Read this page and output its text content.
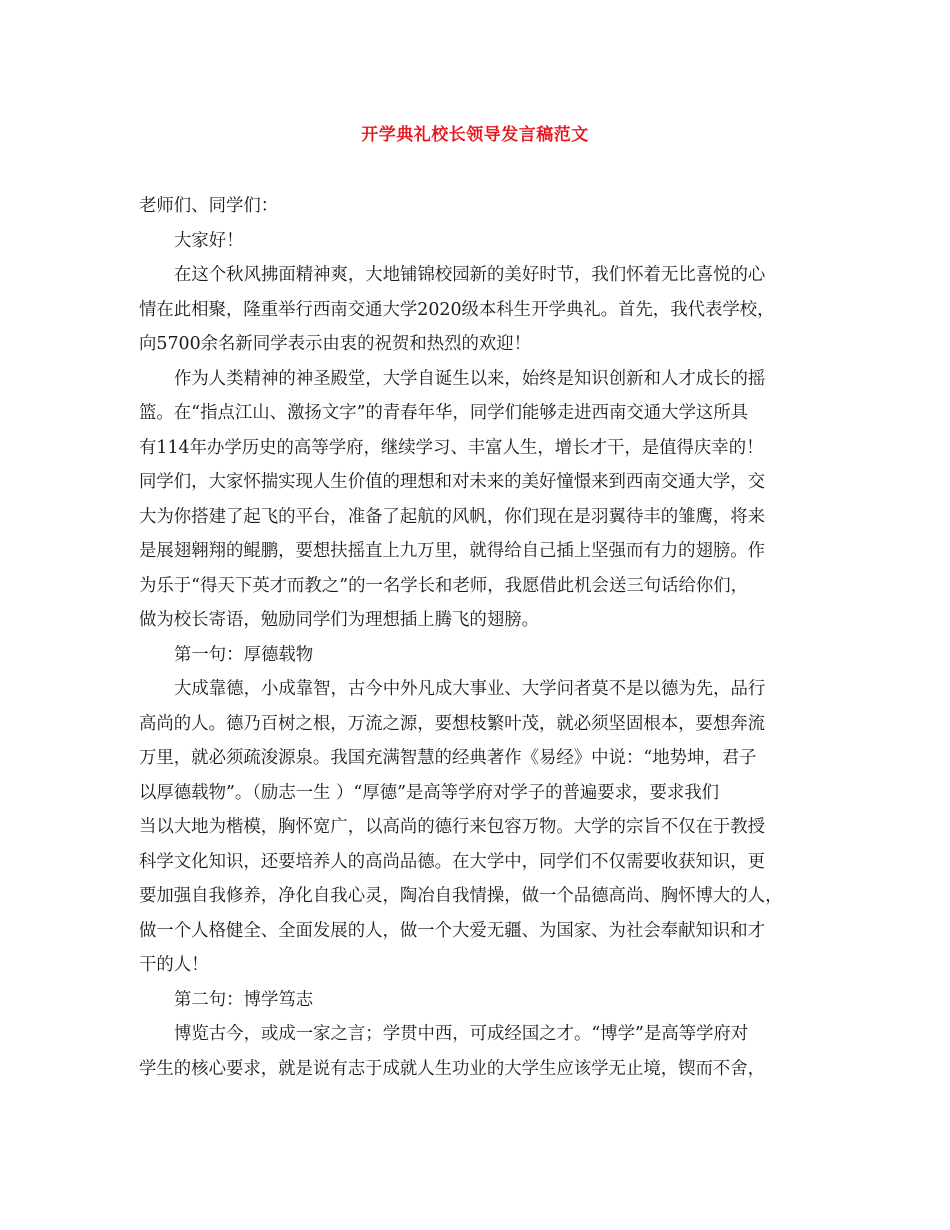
开学典礼校长领导发言稿范文
老师们、同学们：
大家好！
在这个秋风拂面精神爽，大地铺锦校园新的美好时节，我们怀着无比喜悦的心
情在此相聚，隆重举行西南交通大学2020级本科生开学典礼。首先，我代表学校，
向5700余名新同学表示由衷的祝贺和热烈的欢迎！
作为人类精神的神圣殿堂，大学自诞生以来，始终是知识创新和人才成长的摇
篮。在“指点江山、激扬文字”的青春年华，同学们能够走进西南交通大学这所具
有114年办学历史的高等学府，继续学习、丰富人生，增长才干，是值得庆幸的！
同学们，大家怀揣实现人生价值的理想和对未来的美好憧憬来到西南交通大学，交
大为你搭建了起飞的平台，准备了起航的风帆，你们现在是羽翼待丰的雏鹰，将来
是展翅翱翔的鲲鹏，要想扶摇直上九万里，就得给自己插上坚强而有力的翅膀。作
为乐于“得天下英才而教之”的一名学长和老师，我愿借此机会送三句话给你们，
做为校长寄语，勉励同学们为理想插上腾飞的翅膀。
第一句：厚德载物
大成靠德，小成靠智，古今中外凡成大事业、大学问者莫不是以德为先，品行
高尚的人。德乃百树之根，万流之源，要想枝繁叶茂，就必须坚固根本，要想奔流
万里，就必须疏浚源泉。我国充满智慧的经典著作《易经》中说：“地势坤，君子
以厚德载物”。（励志一生 ）“厚德”是高等学府对学子的普遍要求，要求我们
当以大地为楷模，胸怀宽广，以高尚的德行来包容万物。大学的宗旨不仅在于教授
科学文化知识，还要培养人的高尚品德。在大学中，同学们不仅需要收获知识，更
要加强自我修养，净化自我心灵，陶冶自我情操，做一个品德高尚、胸怀博大的人，
做一个人格健全、全面发展的人，做一个大爱无疆、为国家、为社会奉献知识和才
干的人！
第二句：博学笃志
博览古今，或成一家之言；学贯中西，可成经国之才。“博学”是高等学府对
学生的核心要求，就是说有志于成就人生功业的大学生应该学无止境，锲而不舍，
